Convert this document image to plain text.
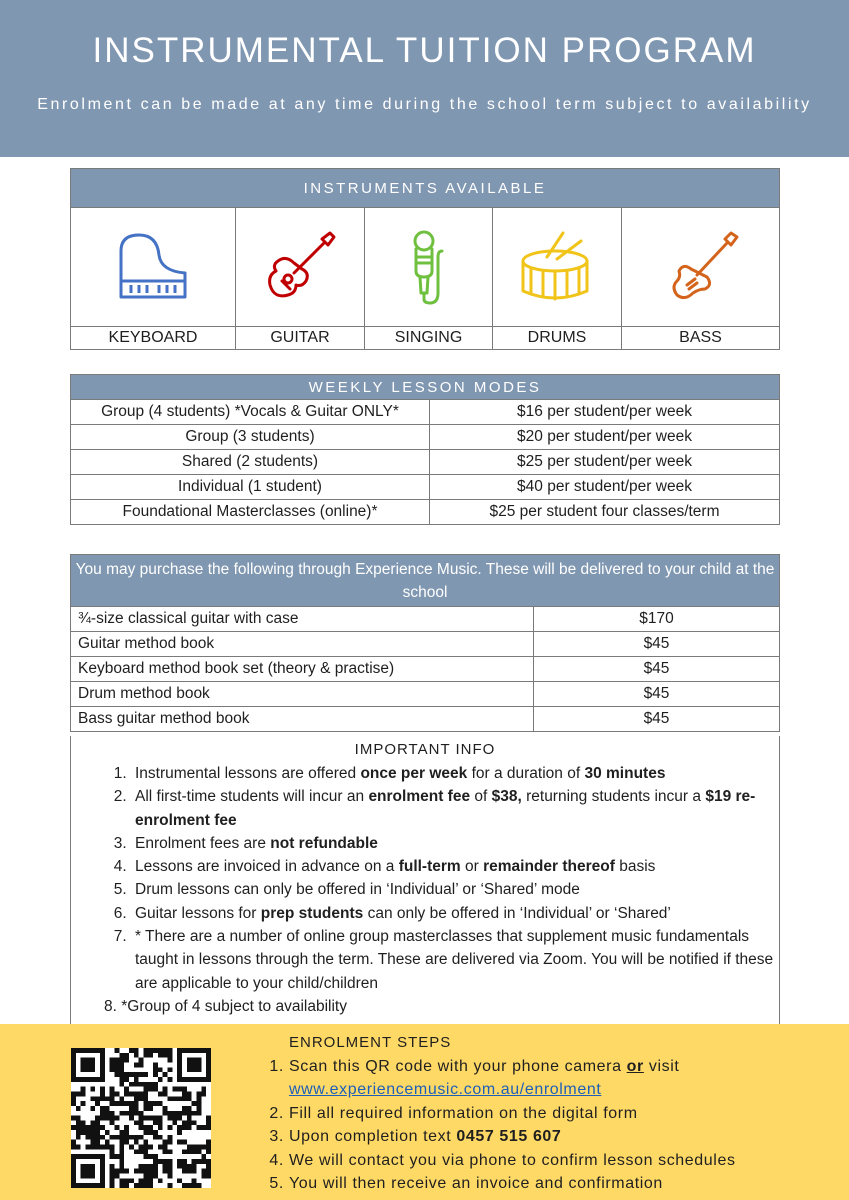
INSTRUMENTAL TUITION PROGRAM
Enrolment can be made at any time during the school term subject to availability
INSTRUMENTS AVAILABLE				

KEYBOARD	GUITAR	SINGING	DRUMS	BASS
WEEKLY LESSON MODES	
Group (4 students) *Vocals & Guitar ONLY*	$16 per student/per week
Group (3 students)	$20 per student/per week
Shared (2 students)	$25 per student/per week
Individual (1 student)	$40 per student/per week
Foundational Masterclasses (online)*	$25 per student four classes/term
You may purchase the following through Experience Music. These will be delivered to your child at the school	
¾-size classical guitar with case	$170
Guitar method book	$45
Keyboard method book set (theory & practise)	$45
Drum method book	$45
Bass guitar method book	$45
IMPORTANT INFO
1. Instrumental lessons are offered once per week for a duration of 30 minutes
2. All first-time students will incur an enrolment fee of $38, returning students incur a $19 re-enrolment fee
3. Enrolment fees are not refundable
4. Lessons are invoiced in advance on a full-term or remainder thereof basis
5. Drum lessons can only be offered in ‘Individual’ or ‘Shared’ mode
6. Guitar lessons for prep students can only be offered in ‘Individual’ or ‘Shared’
7. * There are a number of online group masterclasses that supplement music fundamentals taught in lessons through the term. These are delivered via Zoom. You will be notified if these are applicable to your child/children
8. *Group of 4 subject to availability
ENROLMENT STEPS
1. Scan this QR code with your phone camera or visit
www.experiencemusic.com.au/enrolment
2. Fill all required information on the digital form
3. Upon completion text 0457 515 607
4. We will contact you via phone to confirm lesson schedules
5. You will then receive an invoice and confirmation
